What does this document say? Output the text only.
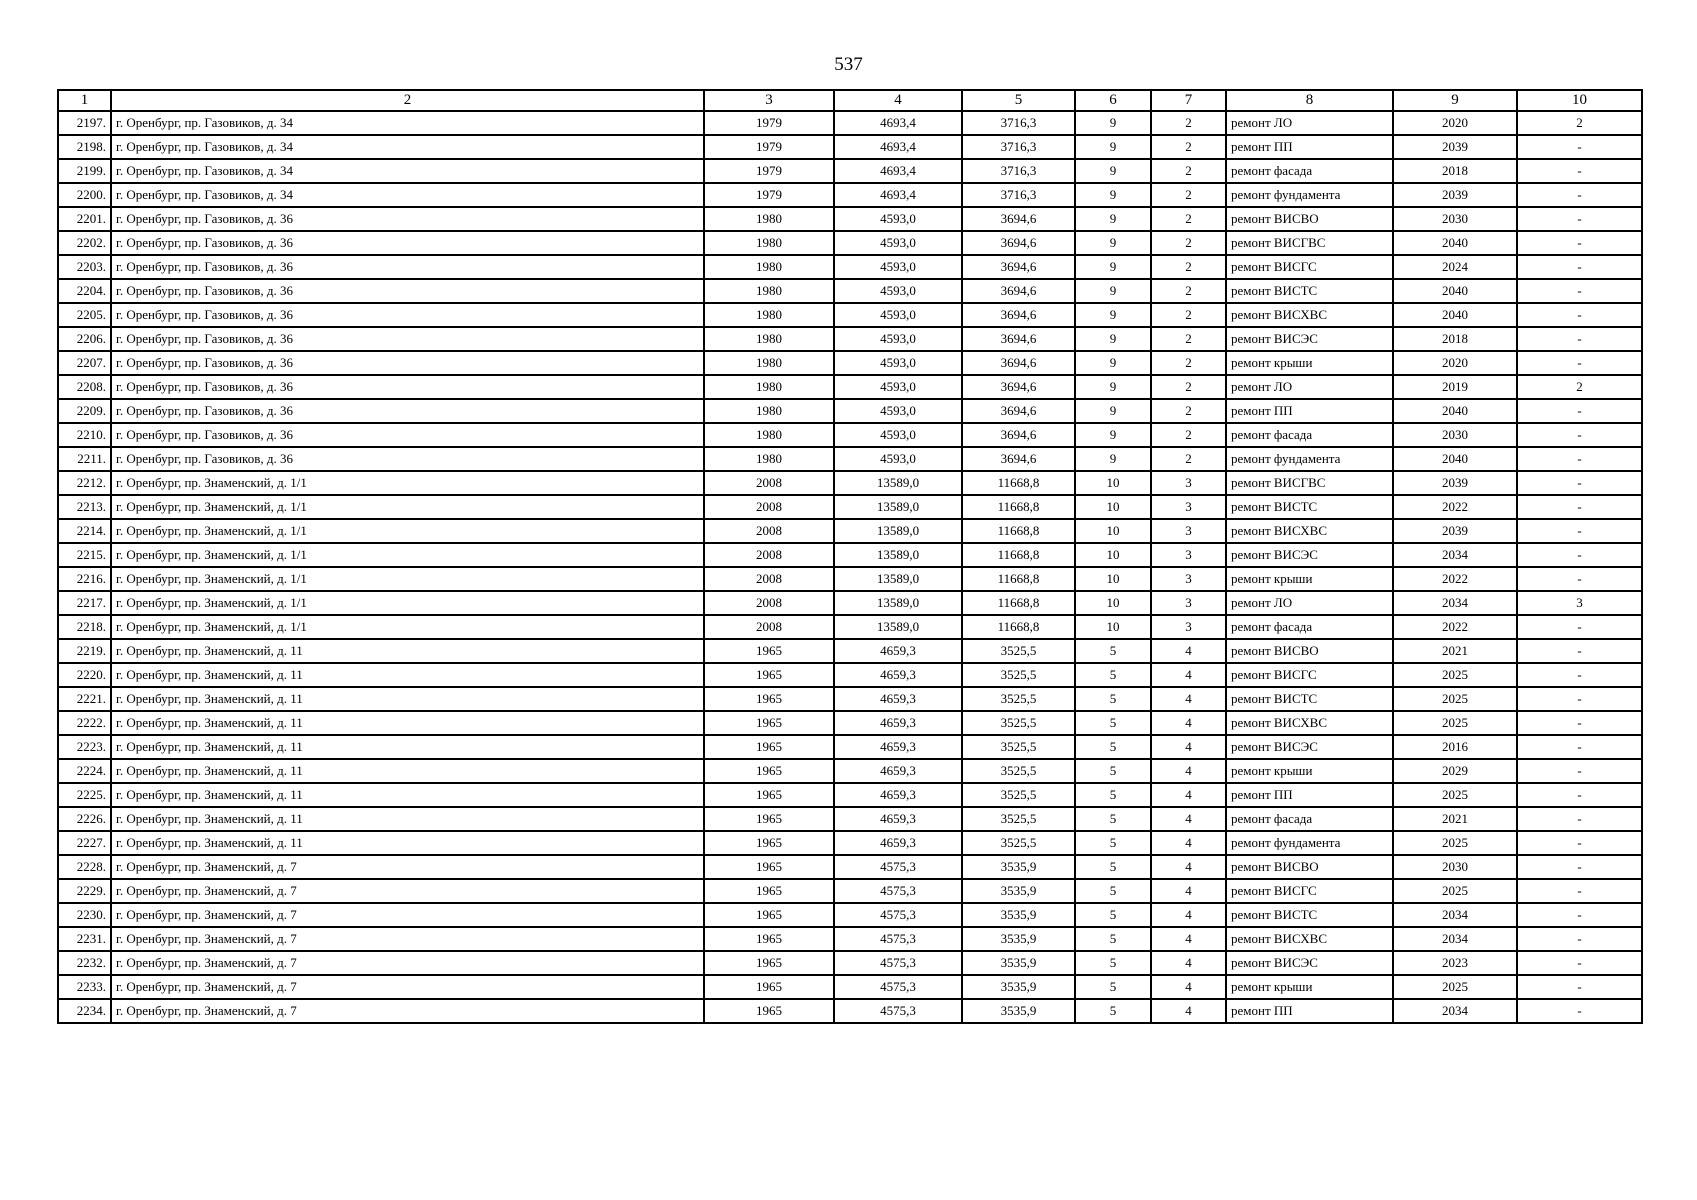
537
1	2	3	4	5	6	7	8	9	10
2197.	г. Оренбург, пр. Газовиков, д. 34	1979	4693,4	3716,3	9	2	ремонт ЛО	2020	2
2198.	г. Оренбург, пр. Газовиков, д. 34	1979	4693,4	3716,3	9	2	ремонт ПП	2039	-
2199.	г. Оренбург, пр. Газовиков, д. 34	1979	4693,4	3716,3	9	2	ремонт фасада	2018	-
2200.	г. Оренбург, пр. Газовиков, д. 34	1979	4693,4	3716,3	9	2	ремонт фундамента	2039	-
2201.	г. Оренбург, пр. Газовиков, д. 36	1980	4593,0	3694,6	9	2	ремонт ВИСВО	2030	-
2202.	г. Оренбург, пр. Газовиков, д. 36	1980	4593,0	3694,6	9	2	ремонт ВИСГВС	2040	-
2203.	г. Оренбург, пр. Газовиков, д. 36	1980	4593,0	3694,6	9	2	ремонт ВИСГС	2024	-
2204.	г. Оренбург, пр. Газовиков, д. 36	1980	4593,0	3694,6	9	2	ремонт ВИСТС	2040	-
2205.	г. Оренбург, пр. Газовиков, д. 36	1980	4593,0	3694,6	9	2	ремонт ВИСХВС	2040	-
2206.	г. Оренбург, пр. Газовиков, д. 36	1980	4593,0	3694,6	9	2	ремонт ВИСЭС	2018	-
2207.	г. Оренбург, пр. Газовиков, д. 36	1980	4593,0	3694,6	9	2	ремонт крыши	2020	-
2208.	г. Оренбург, пр. Газовиков, д. 36	1980	4593,0	3694,6	9	2	ремонт ЛО	2019	2
2209.	г. Оренбург, пр. Газовиков, д. 36	1980	4593,0	3694,6	9	2	ремонт ПП	2040	-
2210.	г. Оренбург, пр. Газовиков, д. 36	1980	4593,0	3694,6	9	2	ремонт фасада	2030	-
2211.	г. Оренбург, пр. Газовиков, д. 36	1980	4593,0	3694,6	9	2	ремонт фундамента	2040	-
2212.	г. Оренбург, пр. Знаменский, д. 1/1	2008	13589,0	11668,8	10	3	ремонт ВИСГВС	2039	-
2213.	г. Оренбург, пр. Знаменский, д. 1/1	2008	13589,0	11668,8	10	3	ремонт ВИСТС	2022	-
2214.	г. Оренбург, пр. Знаменский, д. 1/1	2008	13589,0	11668,8	10	3	ремонт ВИСХВС	2039	-
2215.	г. Оренбург, пр. Знаменский, д. 1/1	2008	13589,0	11668,8	10	3	ремонт ВИСЭС	2034	-
2216.	г. Оренбург, пр. Знаменский, д. 1/1	2008	13589,0	11668,8	10	3	ремонт крыши	2022	-
2217.	г. Оренбург, пр. Знаменский, д. 1/1	2008	13589,0	11668,8	10	3	ремонт ЛО	2034	3
2218.	г. Оренбург, пр. Знаменский, д. 1/1	2008	13589,0	11668,8	10	3	ремонт фасада	2022	-
2219.	г. Оренбург, пр. Знаменский, д. 11	1965	4659,3	3525,5	5	4	ремонт ВИСВО	2021	-
2220.	г. Оренбург, пр. Знаменский, д. 11	1965	4659,3	3525,5	5	4	ремонт ВИСГС	2025	-
2221.	г. Оренбург, пр. Знаменский, д. 11	1965	4659,3	3525,5	5	4	ремонт ВИСТС	2025	-
2222.	г. Оренбург, пр. Знаменский, д. 11	1965	4659,3	3525,5	5	4	ремонт ВИСХВС	2025	-
2223.	г. Оренбург, пр. Знаменский, д. 11	1965	4659,3	3525,5	5	4	ремонт ВИСЭС	2016	-
2224.	г. Оренбург, пр. Знаменский, д. 11	1965	4659,3	3525,5	5	4	ремонт крыши	2029	-
2225.	г. Оренбург, пр. Знаменский, д. 11	1965	4659,3	3525,5	5	4	ремонт ПП	2025	-
2226.	г. Оренбург, пр. Знаменский, д. 11	1965	4659,3	3525,5	5	4	ремонт фасада	2021	-
2227.	г. Оренбург, пр. Знаменский, д. 11	1965	4659,3	3525,5	5	4	ремонт фундамента	2025	-
2228.	г. Оренбург, пр. Знаменский, д. 7	1965	4575,3	3535,9	5	4	ремонт ВИСВО	2030	-
2229.	г. Оренбург, пр. Знаменский, д. 7	1965	4575,3	3535,9	5	4	ремонт ВИСГС	2025	-
2230.	г. Оренбург, пр. Знаменский, д. 7	1965	4575,3	3535,9	5	4	ремонт ВИСТС	2034	-
2231.	г. Оренбург, пр. Знаменский, д. 7	1965	4575,3	3535,9	5	4	ремонт ВИСХВС	2034	-
2232.	г. Оренбург, пр. Знаменский, д. 7	1965	4575,3	3535,9	5	4	ремонт ВИСЭС	2023	-
2233.	г. Оренбург, пр. Знаменский, д. 7	1965	4575,3	3535,9	5	4	ремонт крыши	2025	-
2234.	г. Оренбург, пр. Знаменский, д. 7	1965	4575,3	3535,9	5	4	ремонт ПП	2034	-
